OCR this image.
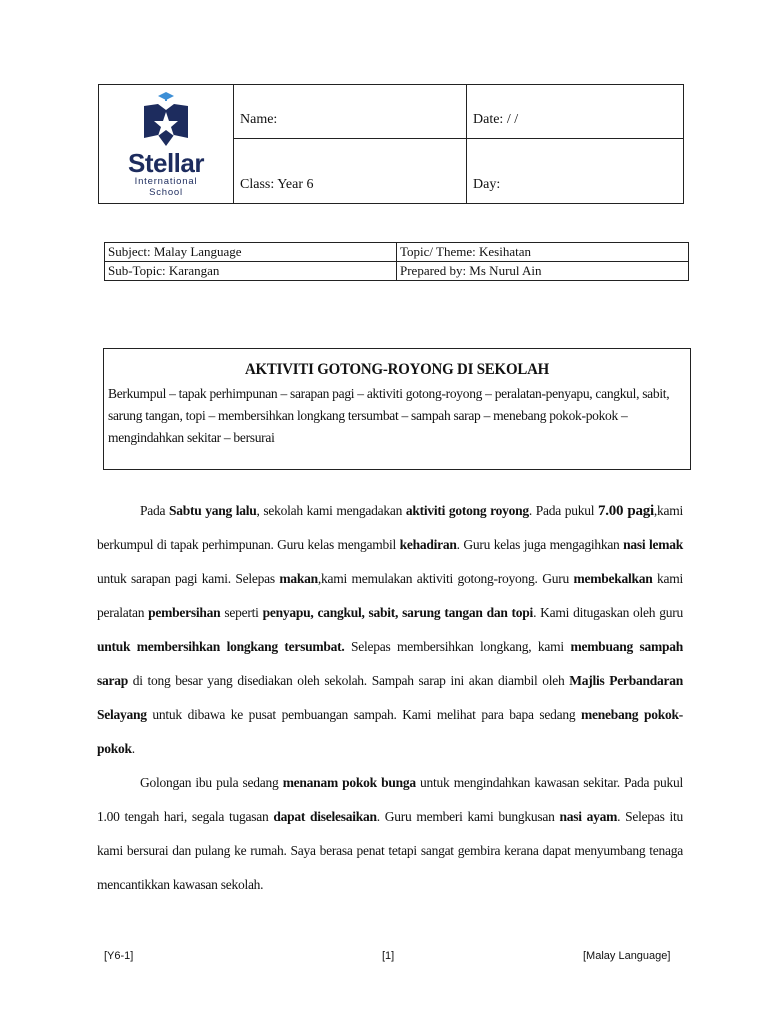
Stellar
International
School	Name:	Date: / /

	Class: Year 6	Day:
Subject: Malay Language	Topic/ Theme: Kesihatan
Sub-Topic: Karangan	Prepared by: Ms Nurul Ain
AKTIVITI GOTONG-ROYONG DI SEKOLAH
Berkumpul – tapak perhimpunan – sarapan pagi – aktiviti gotong-royong – peralatan-penyapu, cangkul, sabit, sarung tangan, topi – membersihkan longkang tersumbat – sampah sarap – menebang pokok-pokok – mengindahkan sekitar – bersurai

Pada Sabtu yang lalu, sekolah kami mengadakan aktiviti gotong royong. Pada pukul 7.00 pagi,kami berkumpul di tapak perhimpunan. Guru kelas mengambil kehadiran. Guru kelas juga mengagihkan nasi lemak untuk sarapan pagi kami. Selepas makan,kami memulakan aktiviti gotong-royong. Guru membekalkan kami peralatan pembersihan seperti penyapu, cangkul, sabit, sarung tangan dan topi. Kami ditugaskan oleh guru untuk membersihkan longkang tersumbat. Selepas membersihkan longkang, kami membuang sampah sarap di tong besar yang disediakan oleh sekolah. Sampah sarap ini akan diambil oleh Majlis Perbandaran Selayang untuk dibawa ke pusat pembuangan sampah. Kami melihat para bapa sedang menebang pokok-pokok.

Golongan ibu pula sedang menanam pokok bunga untuk mengindahkan kawasan sekitar. Pada pukul 1.00 tengah hari, segala tugasan dapat diselesaikan. Guru memberi kami bungkusan nasi ayam. Selepas itu kami bersurai dan pulang ke rumah. Saya berasa penat tetapi sangat gembira kerana dapat menyumbang tenaga mencantikkan kawasan sekolah.

[Y6-1]	[1]	[Malay Language]
